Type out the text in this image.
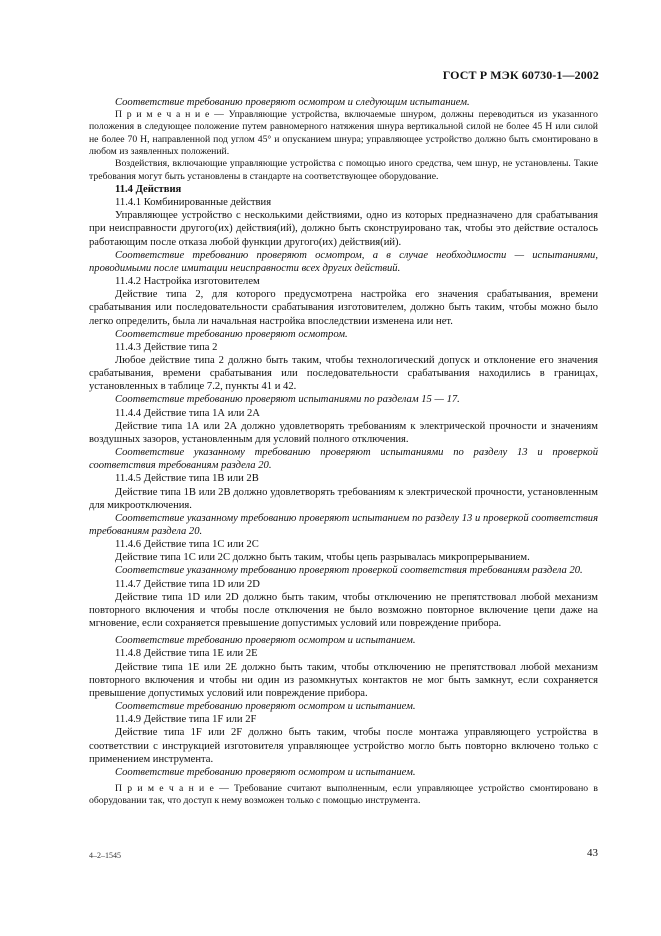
ГОСТ Р МЭК 60730-1—2002

Соответствие требованию проверяют осмотром и следующим испытанием.

П р и м е ч а н и е — Управляющие устройства, включаемые шнуром, должны переводиться из указанного положения в следующее положение путем равномерного натяжения шнура вертикальной силой не более 45 Н или силой не более 70 Н, направленной под углом 45° и опусканием шнура; управляющее устройство должно быть смонтировано в любом из заявленных положений.

Воздействия, включающие управляющие устройства с помощью иного средства, чем шнур, не установлены. Такие требования могут быть установлены в стандарте на соответствующее оборудование.

11.4 Действия

11.4.1 Комбинированные действия

Управляющее устройство с несколькими действиями, одно из которых предназначено для срабатывания при неисправности другого(их) действия(ий), должно быть сконструировано так, чтобы это действие осталось работающим после отказа любой функции другого(их) действия(ий).

Соответствие требованию проверяют осмотром, а в случае необходимости — испытаниями, проводимыми после имитации неисправности всех других действий.

11.4.2 Настройка изготовителем

Действие типа 2, для которого предусмотрена настройка его значения срабатывания, времени срабатывания или последовательности срабатывания изготовителем, должно быть таким, чтобы можно было легко определить, была ли начальная настройка впоследствии изменена или нет.

Соответствие требованию проверяют осмотром.

11.4.3 Действие типа 2

Любое действие типа 2 должно быть таким, чтобы технологический допуск и отклонение его значения срабатывания, времени срабатывания или последовательности срабатывания находились в границах, установленных в таблице 7.2, пункты 41 и 42.

Соответствие требованию проверяют испытаниями по разделам 15 — 17.

11.4.4 Действие типа 1А или 2А

Действие типа 1А или 2А должно удовлетворять требованиям к электрической прочности и значениям воздушных зазоров, установленным для условий полного отключения.

Соответствие указанному требованию проверяют испытаниями по разделу 13 и проверкой соответствия требованиям раздела 20.

11.4.5 Действие типа 1В или 2В

Действие типа 1В или 2В должно удовлетворять требованиям к электрической прочности, установленным для микроотключения.

Соответствие указанному требованию проверяют испытанием по разделу 13 и проверкой соответствия требованиям раздела 20.

11.4.6 Действие типа 1С или 2С

Действие типа 1С или 2С должно быть таким, чтобы цепь разрывалась микропрерыванием.

Соответствие указанному требованию проверяют проверкой соответствия требованиям раздела 20.

11.4.7 Действие типа 1D или 2D

Действие типа 1D или 2D должно быть таким, чтобы отключению не препятствовал любой механизм повторного включения и чтобы после отключения не было возможно повторное включение цепи даже на мгновение, если сохраняется превышение допустимых условий или повреждение прибора.

Соответствие требованию проверяют осмотром и испытанием.

11.4.8 Действие типа 1Е или 2Е

Действие типа 1Е или 2Е должно быть таким, чтобы отключению не препятствовал любой механизм повторного включения и чтобы ни один из разомкнутых контактов не мог быть замкнут, если сохраняется превышение допустимых условий или повреждение прибора.

Соответствие требованию проверяют осмотром и испытанием.

11.4.9 Действие типа 1F или 2F

Действие типа 1F или 2F должно быть таким, чтобы после монтажа управляющего устройства в соответствии с инструкцией изготовителя управляющее устройство могло быть повторно включено только с применением инструмента.

Соответствие требованию проверяют осмотром и испытанием.

П р и м е ч а н и е — Требование считают выполненным, если управляющее устройство смонтировано в оборудовании так, что доступ к нему возможен только с помощью инструмента.

4–2–1545	43
